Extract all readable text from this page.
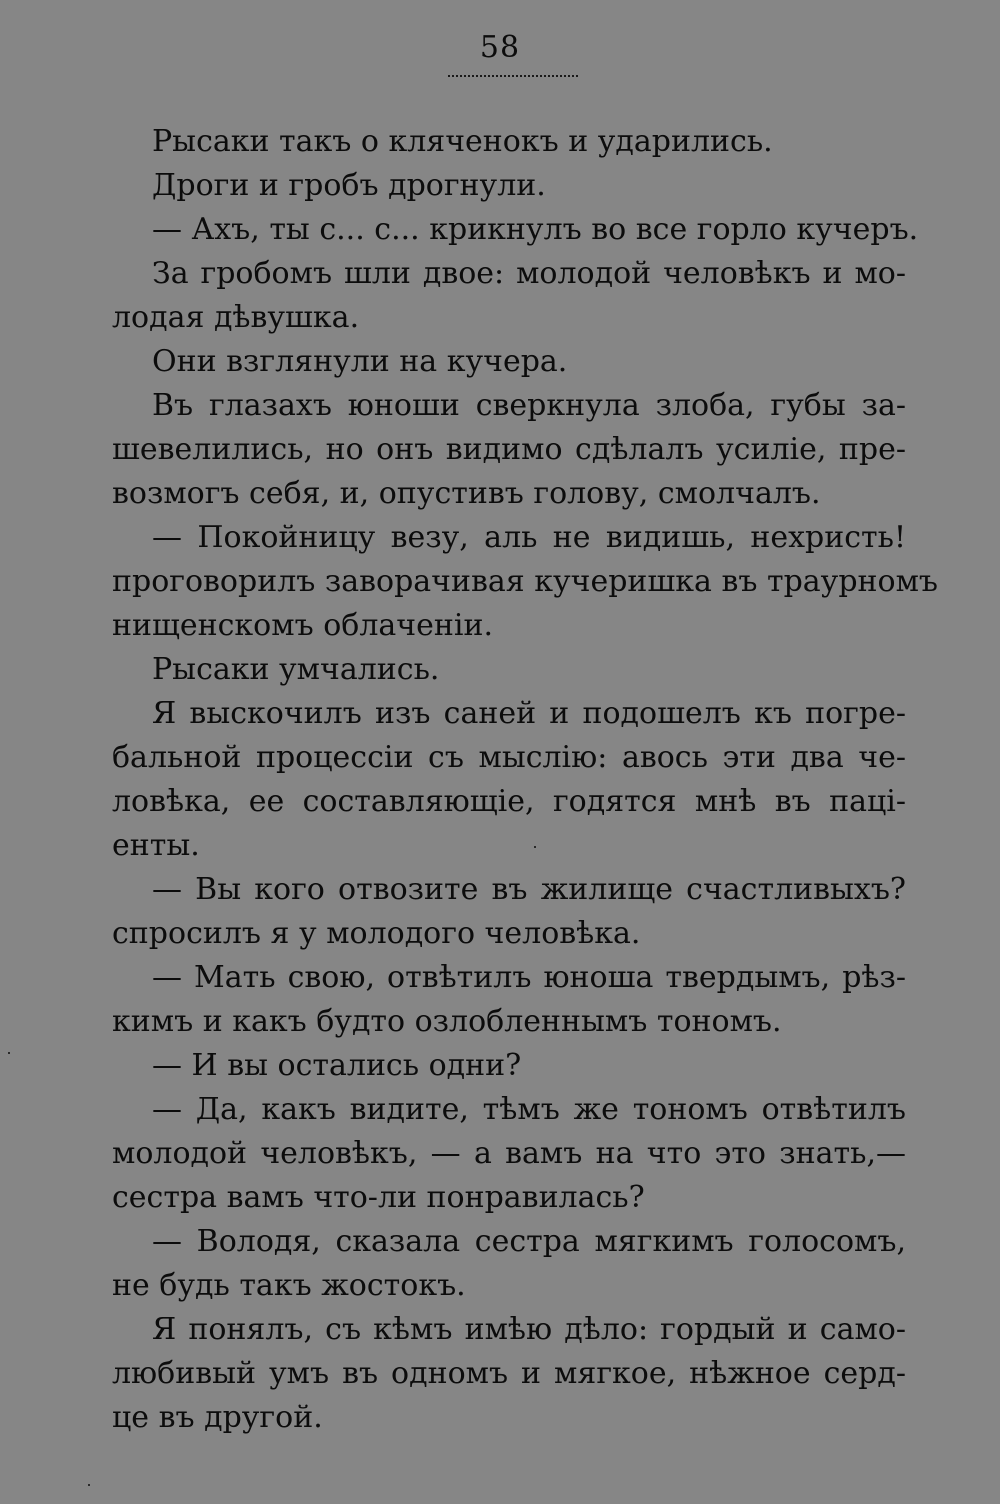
58
Рысаки такъ о кляченокъ и ударились.
Дроги и гробъ дрогнули.
— Ахъ, ты с... с... крикнулъ во все горло кучеръ.
За гробомъ шли двое: молодой человѣкъ и мо-
лодая дѣвушка.
Они взглянули на кучера.
Въ глазахъ юноши сверкнула злоба, губы за-
шевелились, но онъ видимо сдѣлалъ усиліе, пре-
возмогъ себя, и, опустивъ голову, смолчалъ.
— Покойницу везу, аль не видишь, нехристь!
проговорилъ заворачивая кучеришка въ траурномъ
нищенскомъ облаченіи.
Рысаки умчались.
Я выскочилъ изъ саней и подошелъ къ погре-
бальной процессіи съ мыслію: авось эти два че-
ловѣка, ее составляющіе, годятся мнѣ въ паці-
енты.
— Вы кого отвозите въ жилище счастливыхъ?
спросилъ я у молодого человѣка.
— Мать свою, отвѣтилъ юноша твердымъ, рѣз-
кимъ и какъ будто озлобленнымъ тономъ.
— И вы остались одни?
— Да, какъ видите, тѣмъ же тономъ отвѣтилъ
молодой человѣкъ, — а вамъ на что это знать,—
сестра вамъ что-ли понравилась?
— Володя, сказала сестра мягкимъ голосомъ,
не будь такъ жостокъ.
Я понялъ, съ кѣмъ имѣю дѣло: гордый и само-
любивый умъ въ одномъ и мягкое, нѣжное серд-
це въ другой.
